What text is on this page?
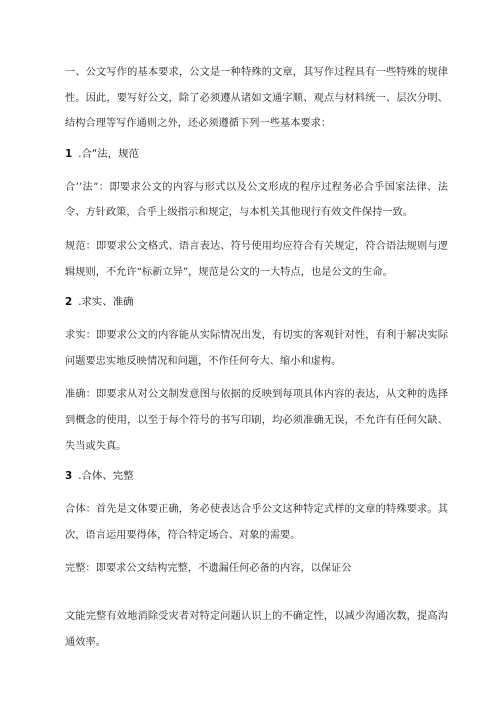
一、公文写作的基本要求，公文是一种特殊的文章，其写作过程具有一些特殊的规律性。因此，要写好公文，除了必须遵从诸如文通字顺、观点与材料统一、层次分明、结构合理等写作通则之外，还必须遵循下列一些基本要求：

1 .合“法，规范

合’’法”：即要求公文的内容与形式以及公文形成的程序过程务必合乎国家法律、法令、方针政策，合乎上级指示和规定，与本机关其他现行有效文件保持一致。

规范：即要求公文格式、语言表达、符号使用均应符合有关规定，符合语法规则与逻辑规则，不允许“标新立异”，规范是公文的一大特点，也是公文的生命。

2 .求实、准确

求实：即要求公文的内容能从实际情况出发，有切实的客观针对性，有利于解决实际问题要忠实地反映情况和问题，不作任何夸大、缩小和虚构。

准确：即要求从对公文制发意图与依据的反映到每项具体内容的表达，从文种的选择到概念的使用，以至于每个符号的书写印刷，均必须准确无误，不允许有任何欠缺、失当或失真。

3 .合体、完整

合体：首先是文体要正确，务必使表达合乎公文这种特定式样的文章的特殊要求。其次，语言运用要得体，符合特定场合、对象的需要。

完整：即要求公文结构完整，不遗漏任何必备的内容，以保证公

文能完整有效地消除受灾者对特定问题认识上的不确定性，以减少沟通次数，提高沟通效率。
